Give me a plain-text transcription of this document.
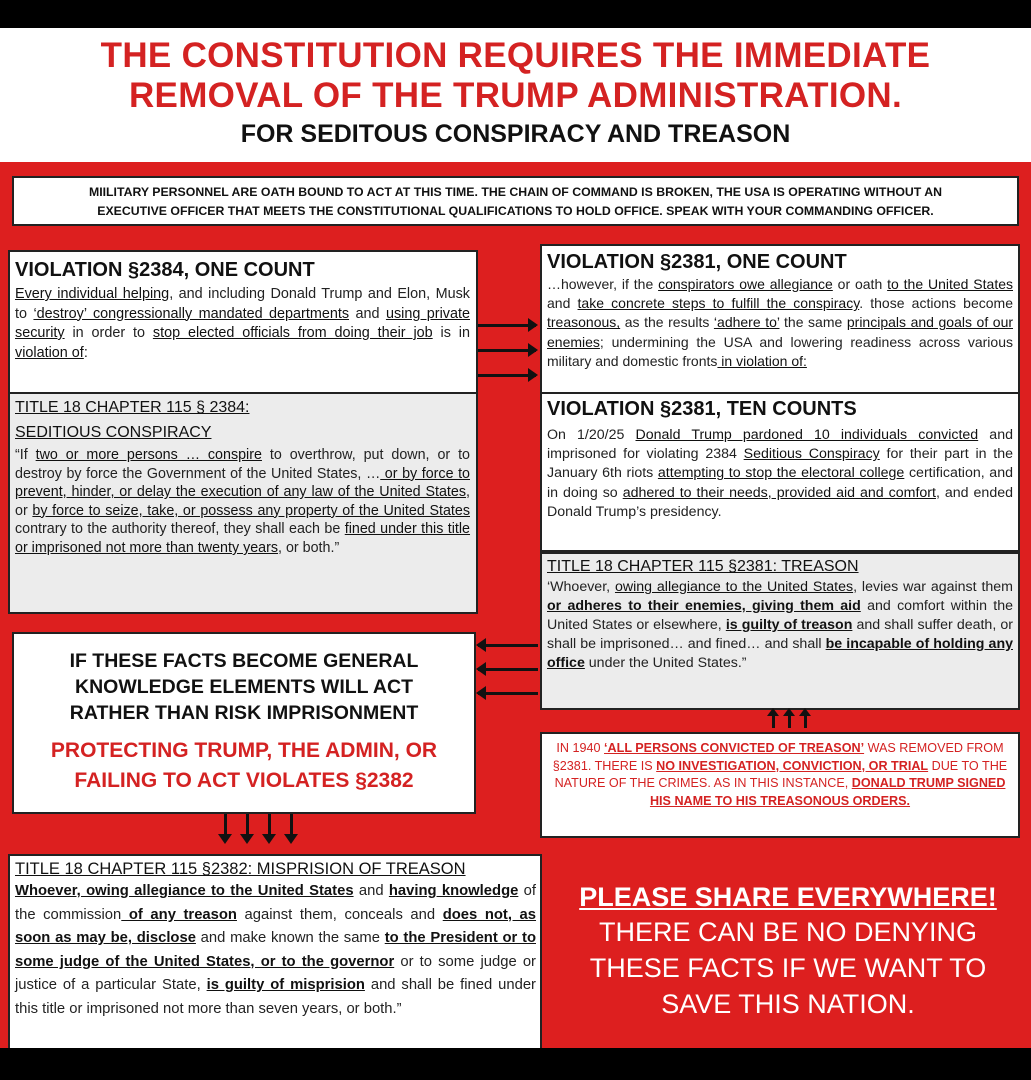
THE CONSTITUTION REQUIRES THE IMMEDIATE
REMOVAL OF THE TRUMP ADMINISTRATION.
FOR SEDITOUS CONSPIRACY AND TREASON
MIILITARY PERSONNEL ARE OATH BOUND TO ACT AT THIS TIME. THE CHAIN OF COMMAND IS BROKEN, THE USA IS OPERATING WITHOUT AN
EXECUTIVE OFFICER THAT MEETS THE CONSTITUTIONAL QUALIFICATIONS TO HOLD OFFICE. SPEAK WITH YOUR COMMANDING OFFICER.
VIOLATION §2384, ONE COUNT
Every individual helping, and including Donald Trump and Elon, Musk to ‘destroy’ congressionally mandated departments and using private security in order to stop elected officials from doing their job is in violation of:
TITLE 18 CHAPTER 115 § 2384:
SEDITIOUS CONSPIRACY
“If two or more persons … conspire to overthrow, put down, or to destroy by force the Government of the United States, … or by force to prevent, hinder, or delay the execution of any law of the United States, or by force to seize, take, or possess any property of the United States contrary to the authority thereof, they shall each be fined under this title or imprisoned not more than twenty years, or both.”
VIOLATION §2381, ONE COUNT
…however, if the conspirators owe allegiance or oath to the United States and take concrete steps to fulfill the conspiracy. those actions become treasonous, as the results ‘adhere to’ the same principals and goals of our enemies; undermining the USA and lowering readiness across various military and domestic fronts in violation of:
VIOLATION §2381, TEN COUNTS
On 1/20/25 Donald Trump pardoned 10 individuals convicted and imprisoned for violating 2384 Seditious Conspiracy for their part in the January 6th riots attempting to stop the electoral college certification, and in doing so adhered to their needs, provided aid and comfort, and ended Donald Trump’s presidency.
TITLE 18 CHAPTER 115 §2381: TREASON
‘Whoever, owing allegiance to the United States, levies war against them or adheres to their enemies, giving them aid and comfort within the United States or elsewhere, is guilty of treason and shall suffer death, or shall be imprisoned… and fined… and shall be incapable of holding any office under the United States.”
IF THESE FACTS BECOME GENERAL
KNOWLEDGE ELEMENTS WILL ACT
RATHER THAN RISK IMPRISONMENT
PROTECTING TRUMP, THE ADMIN, OR
FAILING TO ACT VIOLATES §2382
IN 1940 ‘ALL PERSONS CONVICTED OF TREASON’ WAS REMOVED FROM §2381. THERE IS NO INVESTIGATION, CONVICTION, OR TRIAL DUE TO THE NATURE OF THE CRIMES. AS IN THIS INSTANCE, DONALD TRUMP SIGNED HIS NAME TO HIS TREASONOUS ORDERS.
TITLE 18 CHAPTER 115 §2382: MISPRISION OF TREASON
Whoever, owing allegiance to the United States and having knowledge of the commission of any treason against them, conceals and does not, as soon as may be, disclose and make known the same to the President or to some judge of the United States, or to the governor or to some judge or justice of a particular State, is guilty of misprision and shall be fined under this title or imprisoned not more than seven years, or both.”
PLEASE SHARE EVERYWHERE!
THERE CAN BE NO DENYING
THESE FACTS IF WE WANT TO
SAVE THIS NATION.
